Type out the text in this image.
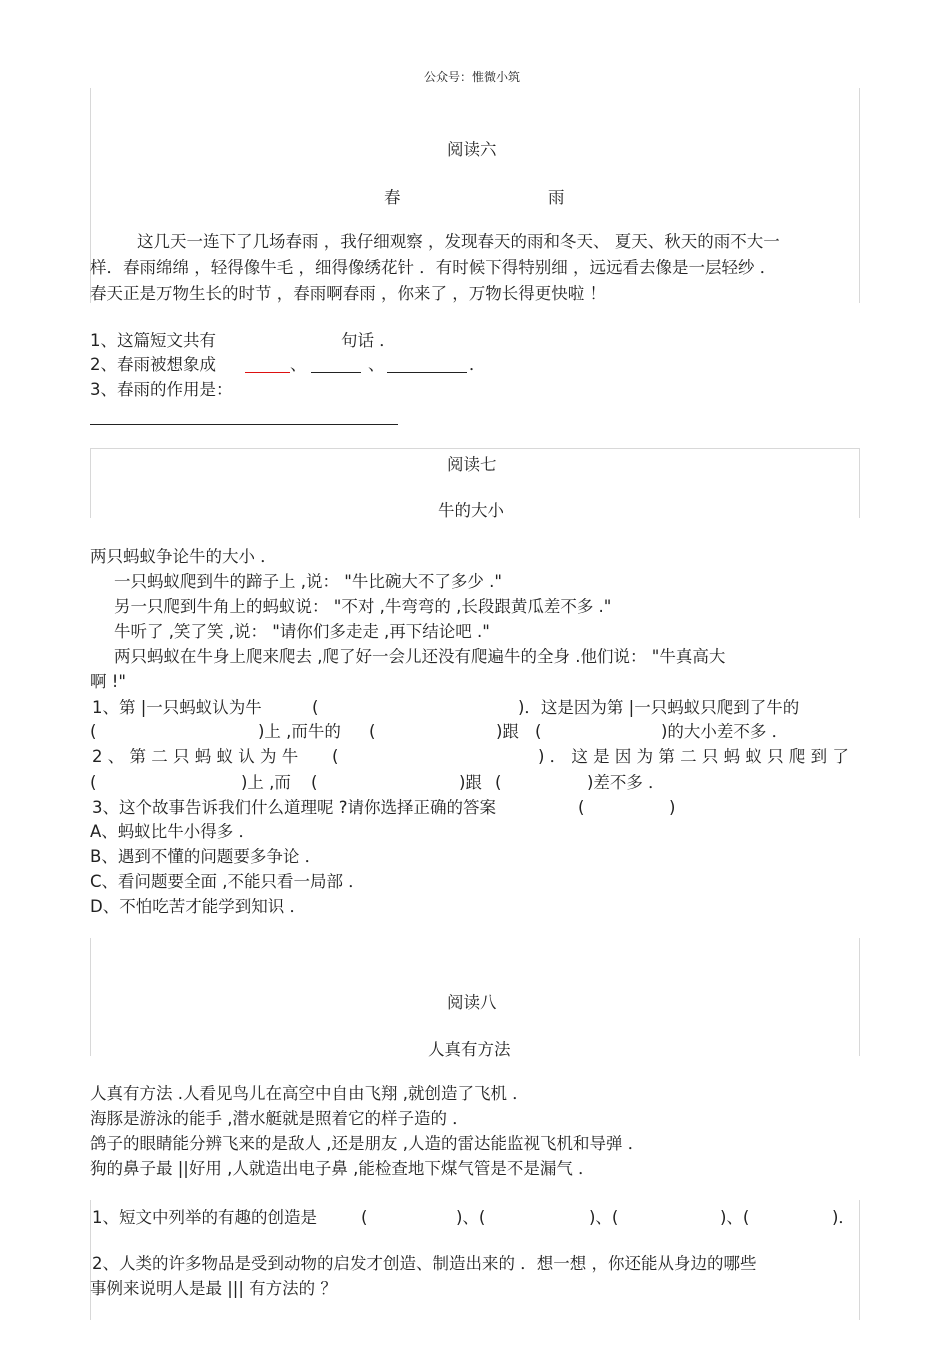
公众号：惟微小筑
阅读六
春	雨
这几天一连下了几场春雨 ，我仔细观察 ，发现春天的雨和冬天、 夏天、秋天的雨不大一
样．春雨绵绵 ，轻得像牛毛 ，细得像绣花针 ．有时候下得特别细 ，远远看去像是一层轻纱 ．
春天正是万物生长的时节 ，春雨啊春雨 ，你来了 ，万物长得更快啦 ！
1、这篇短文共有	句话 ．
2、春雨被想象成	、	、	．
3、春雨的作用是：
阅读七
牛的大小
两只蚂蚁争论牛的大小 ．
一只蚂蚁爬到牛的蹄子上 ,说： "牛比碗大不了多少 ."
另一只爬到牛角上的蚂蚁说： "不对 ,牛弯弯的 ,长段跟黄瓜差不多 ."
牛听了 ,笑了笑 ,说： "请你们多走走 ,再下结论吧 ."
两只蚂蚁在牛身上爬来爬去 ,爬了好一会儿还没有爬遍牛的全身 .他们说： "牛真高大
啊 !"
1、第 |一只蚂蚁认为牛	(	)．这是因为第 |一只蚂蚁只爬到了牛的
(	)上 ,而牛的 (	)跟 (	)的大小差不多 ．
2 、 第 二 只 蚂 蚁 认 为 牛 (	) ． 这 是 因 为 第 二 只 蚂 蚁 只 爬 到 了
(	)上 ,而 (	)跟 (	)差不多 ．
3、这个故事告诉我们什么道理呢 ?请你选择正确的答案	(	)
A、蚂蚁比牛小得多 ．
B、遇到不懂的问题要多争论 ．
C、看问题要全面 ,不能只看一局部 ．
D、不怕吃苦才能学到知识 ．
阅读八
人真有方法
人真有方法 .人看见鸟儿在高空中自由飞翔 ,就创造了飞机 ．
海豚是游泳的能手 ,潜水艇就是照着它的样子造的 ．
鸽子的眼睛能分辨飞来的是敌人 ,还是朋友 ,人造的雷达能监视飞机和导弹 ．
狗的鼻子最 ||好用 ,人就造出电子鼻 ,能检查地下煤气管是不是漏气 ．
1、短文中列举的有趣的创造是	(	)、(	)、(	)、(	)．
2、人类的许多物品是受到动物的启发才创造、制造出来的 ．想一想 ，你还能从身边的哪些
事例来说明人是最 ||| 有方法的 ？
